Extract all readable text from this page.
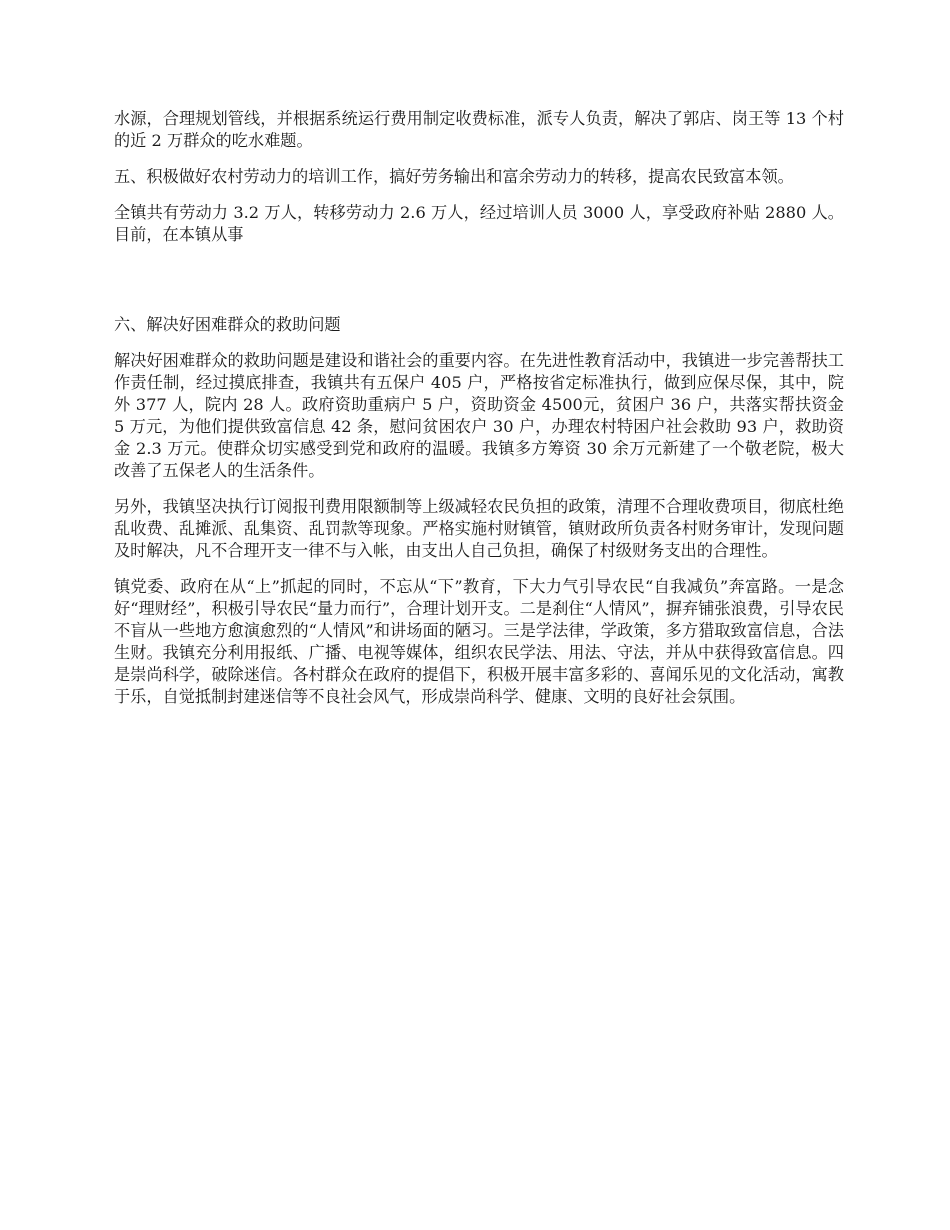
水源，合理规划管线，并根据系统运行费用制定收费标准，派专人负责，解决了郭店、岗王等 13 个村的近 2 万群众的吃水难题。

五、积极做好农村劳动力的培训工作，搞好劳务输出和富余劳动力的转移，提高农民致富本领。

全镇共有劳动力 3.2 万人，转移劳动力 2.6 万人，经过培训人员 3000 人，享受政府补贴 2880 人。目前，在本镇从事

六、解决好困难群众的救助问题

解决好困难群众的救助问题是建设和谐社会的重要内容。在先进性教育活动中，我镇进一步完善帮扶工作责任制，经过摸底排查，我镇共有五保户 405 户，严格按省定标准执行，做到应保尽保，其中，院外 377 人，院内 28 人。政府资助重病户 5 户，资助资金 4500元，贫困户 36 户，共落实帮扶资金 5 万元，为他们提供致富信息 42 条，慰问贫困农户 30 户，办理农村特困户社会救助 93 户，救助资金 2.3 万元。使群众切实感受到党和政府的温暖。我镇多方筹资 30 余万元新建了一个敬老院，极大改善了五保老人的生活条件。

另外，我镇坚决执行订阅报刊费用限额制等上级减轻农民负担的政策，清理不合理收费项目，彻底杜绝乱收费、乱摊派、乱集资、乱罚款等现象。严格实施村财镇管，镇财政所负责各村财务审计，发现问题及时解决，凡不合理开支一律不与入帐，由支出人自己负担，确保了村级财务支出的合理性。

镇党委、政府在从“上”抓起的同时，不忘从“下”教育，下大力气引导农民“自我减负”奔富路。一是念好“理财经”，积极引导农民“量力而行”，合理计划开支。二是刹住“人情风”，摒弃铺张浪费，引导农民不盲从一些地方愈演愈烈的“人情风”和讲场面的陋习。三是学法律，学政策，多方猎取致富信息，合法生财。我镇充分利用报纸、广播、电视等媒体，组织农民学法、用法、守法，并从中获得致富信息。四是崇尚科学，破除迷信。各村群众在政府的提倡下，积极开展丰富多彩的、喜闻乐见的文化活动，寓教于乐，自觉抵制封建迷信等不良社会风气，形成崇尚科学、健康、文明的良好社会氛围。
